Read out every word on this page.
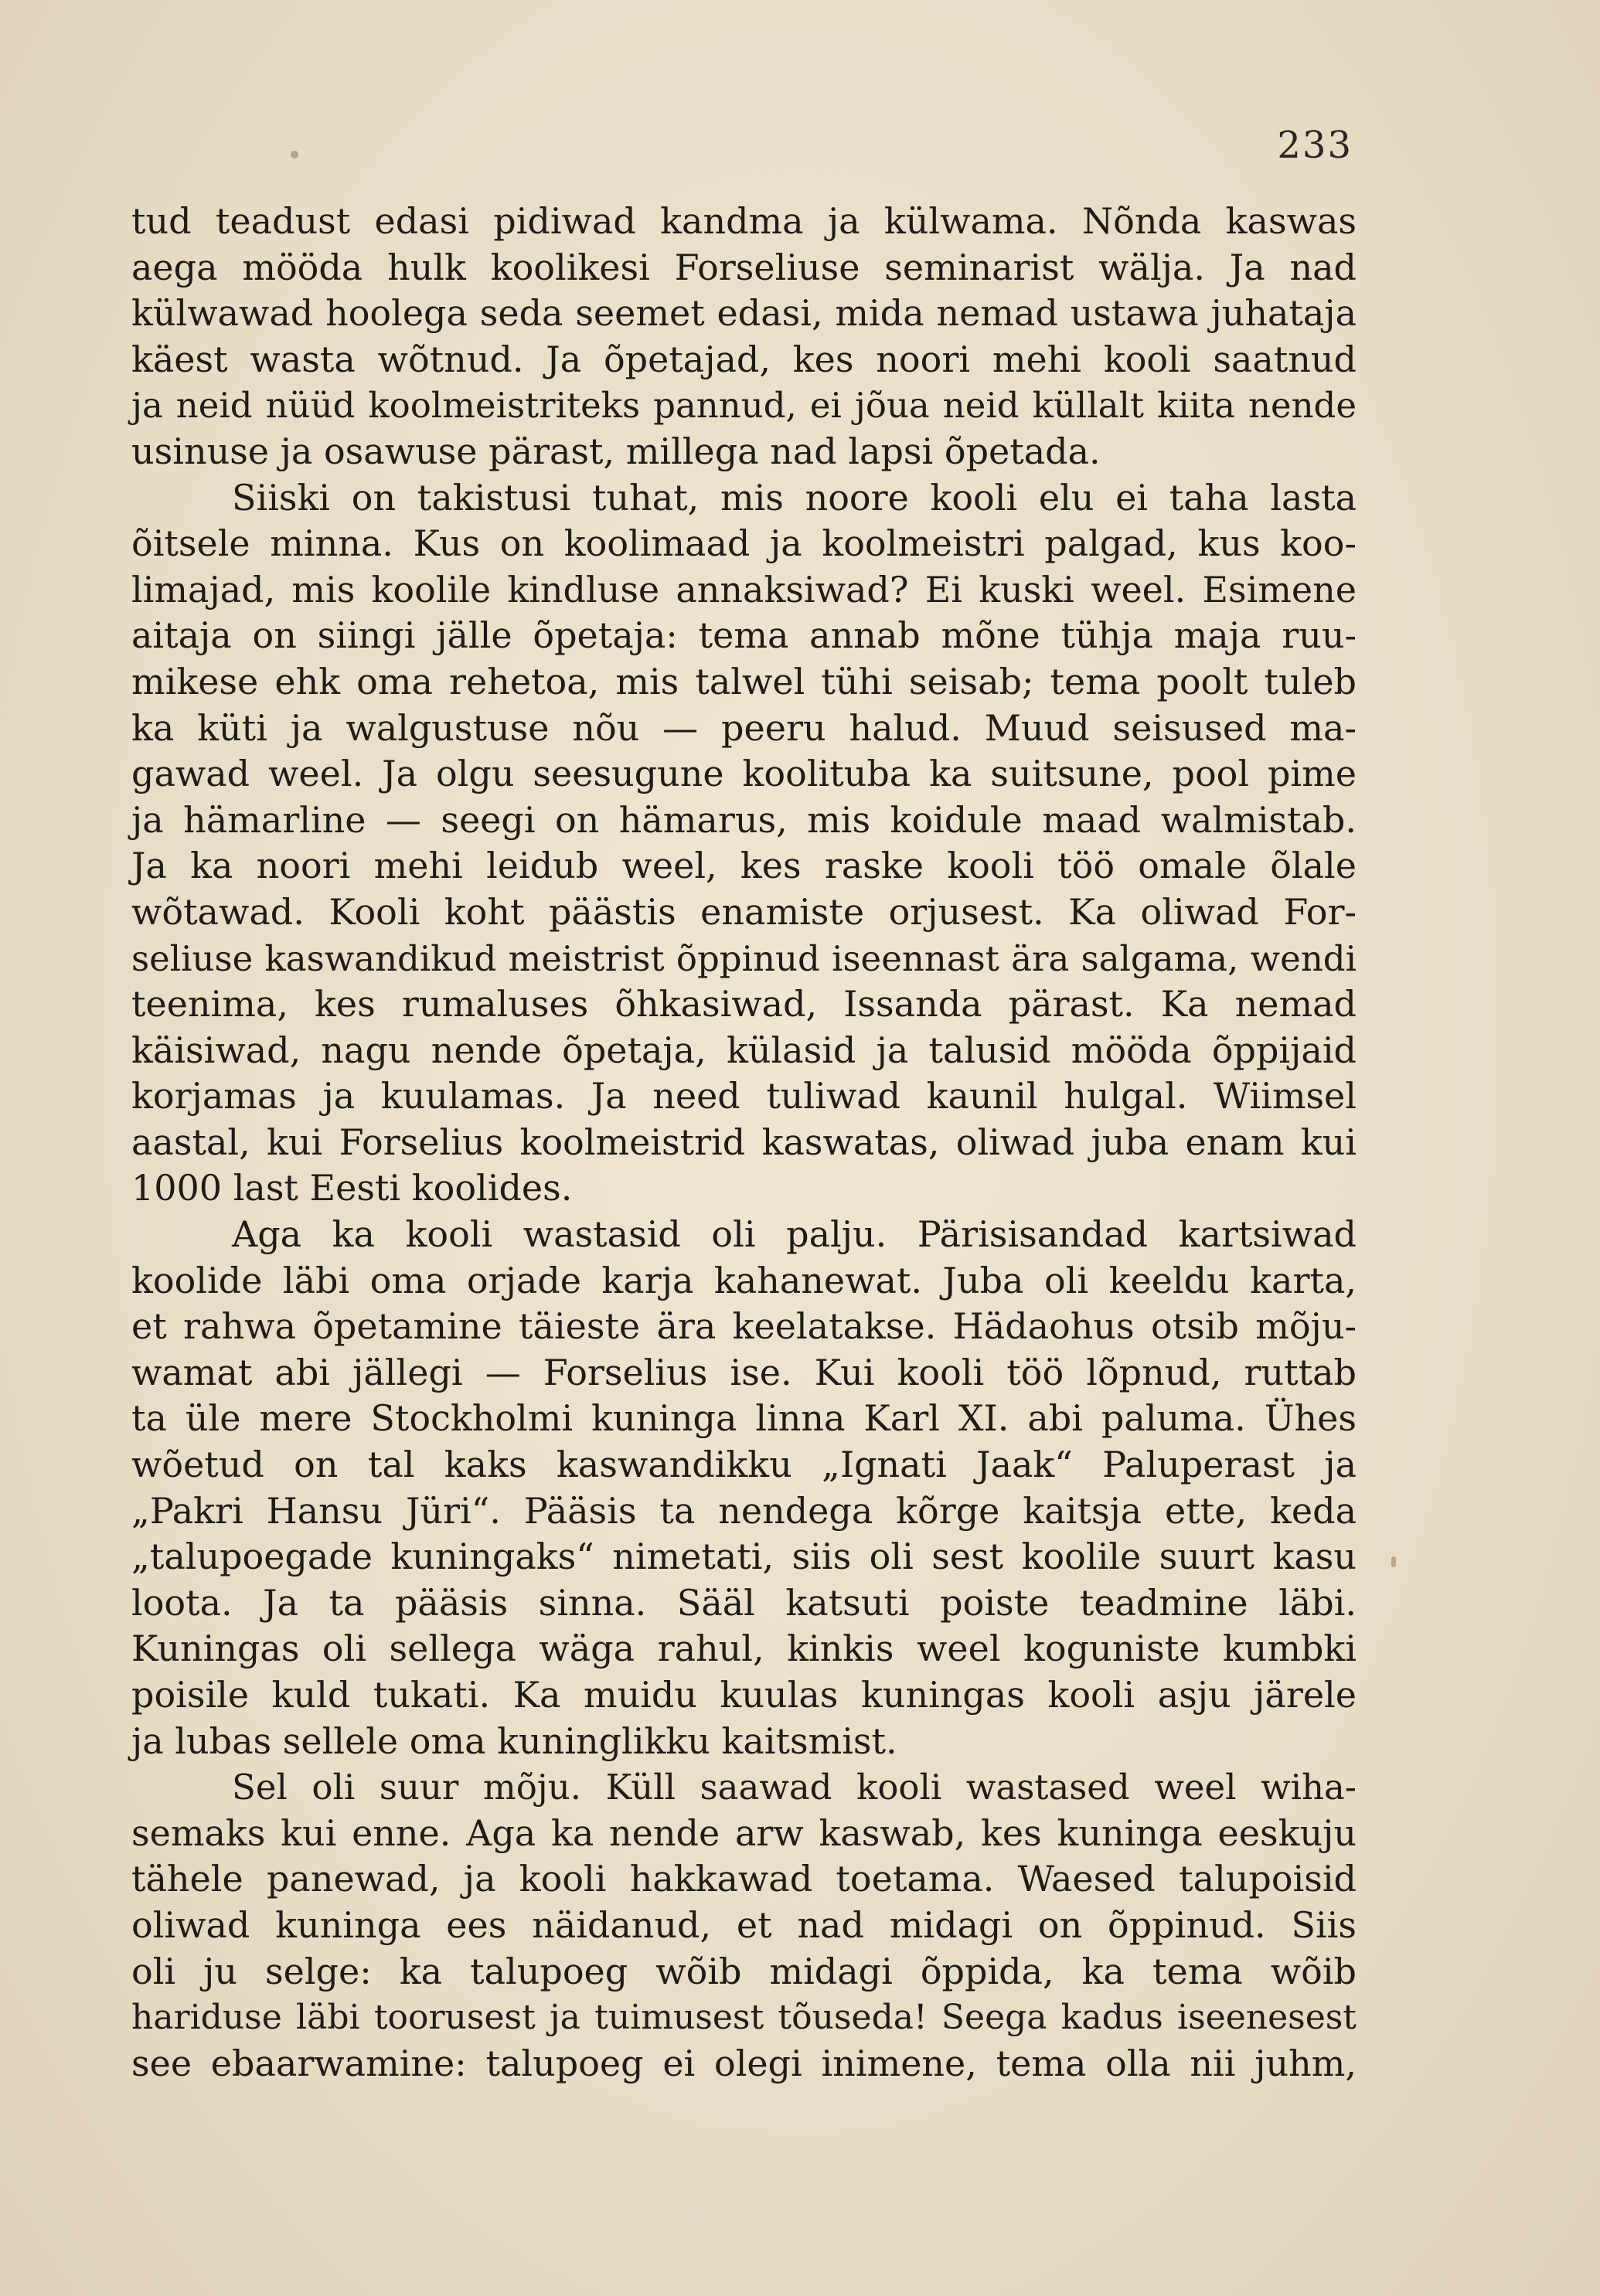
233
tud teadust edasi pidiwad kandma ja külwama. Nõnda kaswas
aega mööda hulk koolikesi Forseliuse seminarist wälja. Ja nad
külwawad hoolega seda seemet edasi, mida nemad ustawa juhataja
käest wasta wõtnud. Ja õpetajad, kes noori mehi kooli saatnud
ja neid nüüd koolmeistriteks pannud, ei jõua neid küllalt kiita nende
usinuse ja osawuse pärast, millega nad lapsi õpetada.
Siiski on takistusi tuhat, mis noore kooli elu ei taha lasta
õitsele minna. Kus on koolimaad ja koolmeistri palgad, kus koo-
limajad, mis koolile kindluse annaksiwad? Ei kuski weel. Esimene
aitaja on siingi jälle õpetaja: tema annab mõne tühja maja ruu-
mikese ehk oma rehetoa, mis talwel tühi seisab; tema poolt tuleb
ka küti ja walgustuse nõu — peeru halud. Muud seisused ma-
gawad weel. Ja olgu seesugune koolituba ka suitsune, pool pime
ja hämarline — seegi on hämarus, mis koidule maad walmistab.
Ja ka noori mehi leidub weel, kes raske kooli töö omale õlale
wõtawad. Kooli koht päästis enamiste orjusest. Ka oliwad For-
seliuse kaswandikud meistrist õppinud iseennast ära salgama, wendi
teenima, kes rumaluses õhkasiwad, Issanda pärast. Ka nemad
käisiwad, nagu nende õpetaja, külasid ja talusid mööda õppijaid
korjamas ja kuulamas. Ja need tuliwad kaunil hulgal. Wiimsel
aastal, kui Forselius koolmeistrid kaswatas, oliwad juba enam kui
1000 last Eesti koolides.
Aga ka kooli wastasid oli palju. Pärisisandad kartsiwad
koolide läbi oma orjade karja kahanewat. Juba oli keeldu karta,
et rahwa õpetamine täieste ära keelatakse. Hädaohus otsib mõju-
wamat abi jällegi — Forselius ise. Kui kooli töö lõpnud, ruttab
ta üle mere Stockholmi kuninga linna Karl XI. abi paluma. Ühes
wõetud on tal kaks kaswandikku „Ignati Jaak“ Paluperast ja
„Pakri Hansu Jüri“. Pääsis ta nendega kõrge kaitsja ette, keda
„talupoegade kuningaks“ nimetati, siis oli sest koolile suurt kasu
loota. Ja ta pääsis sinna. Sääl katsuti poiste teadmine läbi.
Kuningas oli sellega wäga rahul, kinkis weel koguniste kumbki
poisile kuld tukati. Ka muidu kuulas kuningas kooli asju järele
ja lubas sellele oma kuninglikku kaitsmist.
Sel oli suur mõju. Küll saawad kooli wastased weel wiha-
semaks kui enne. Aga ka nende arw kaswab, kes kuninga eeskuju
tähele panewad, ja kooli hakkawad toetama. Waesed talupoisid
oliwad kuninga ees näidanud, et nad midagi on õppinud. Siis
oli ju selge: ka talupoeg wõib midagi õppida, ka tema wõib
hariduse läbi toorusest ja tuimusest tõuseda! Seega kadus iseenesest
see ebaarwamine: talupoeg ei olegi inimene, tema olla nii juhm,
